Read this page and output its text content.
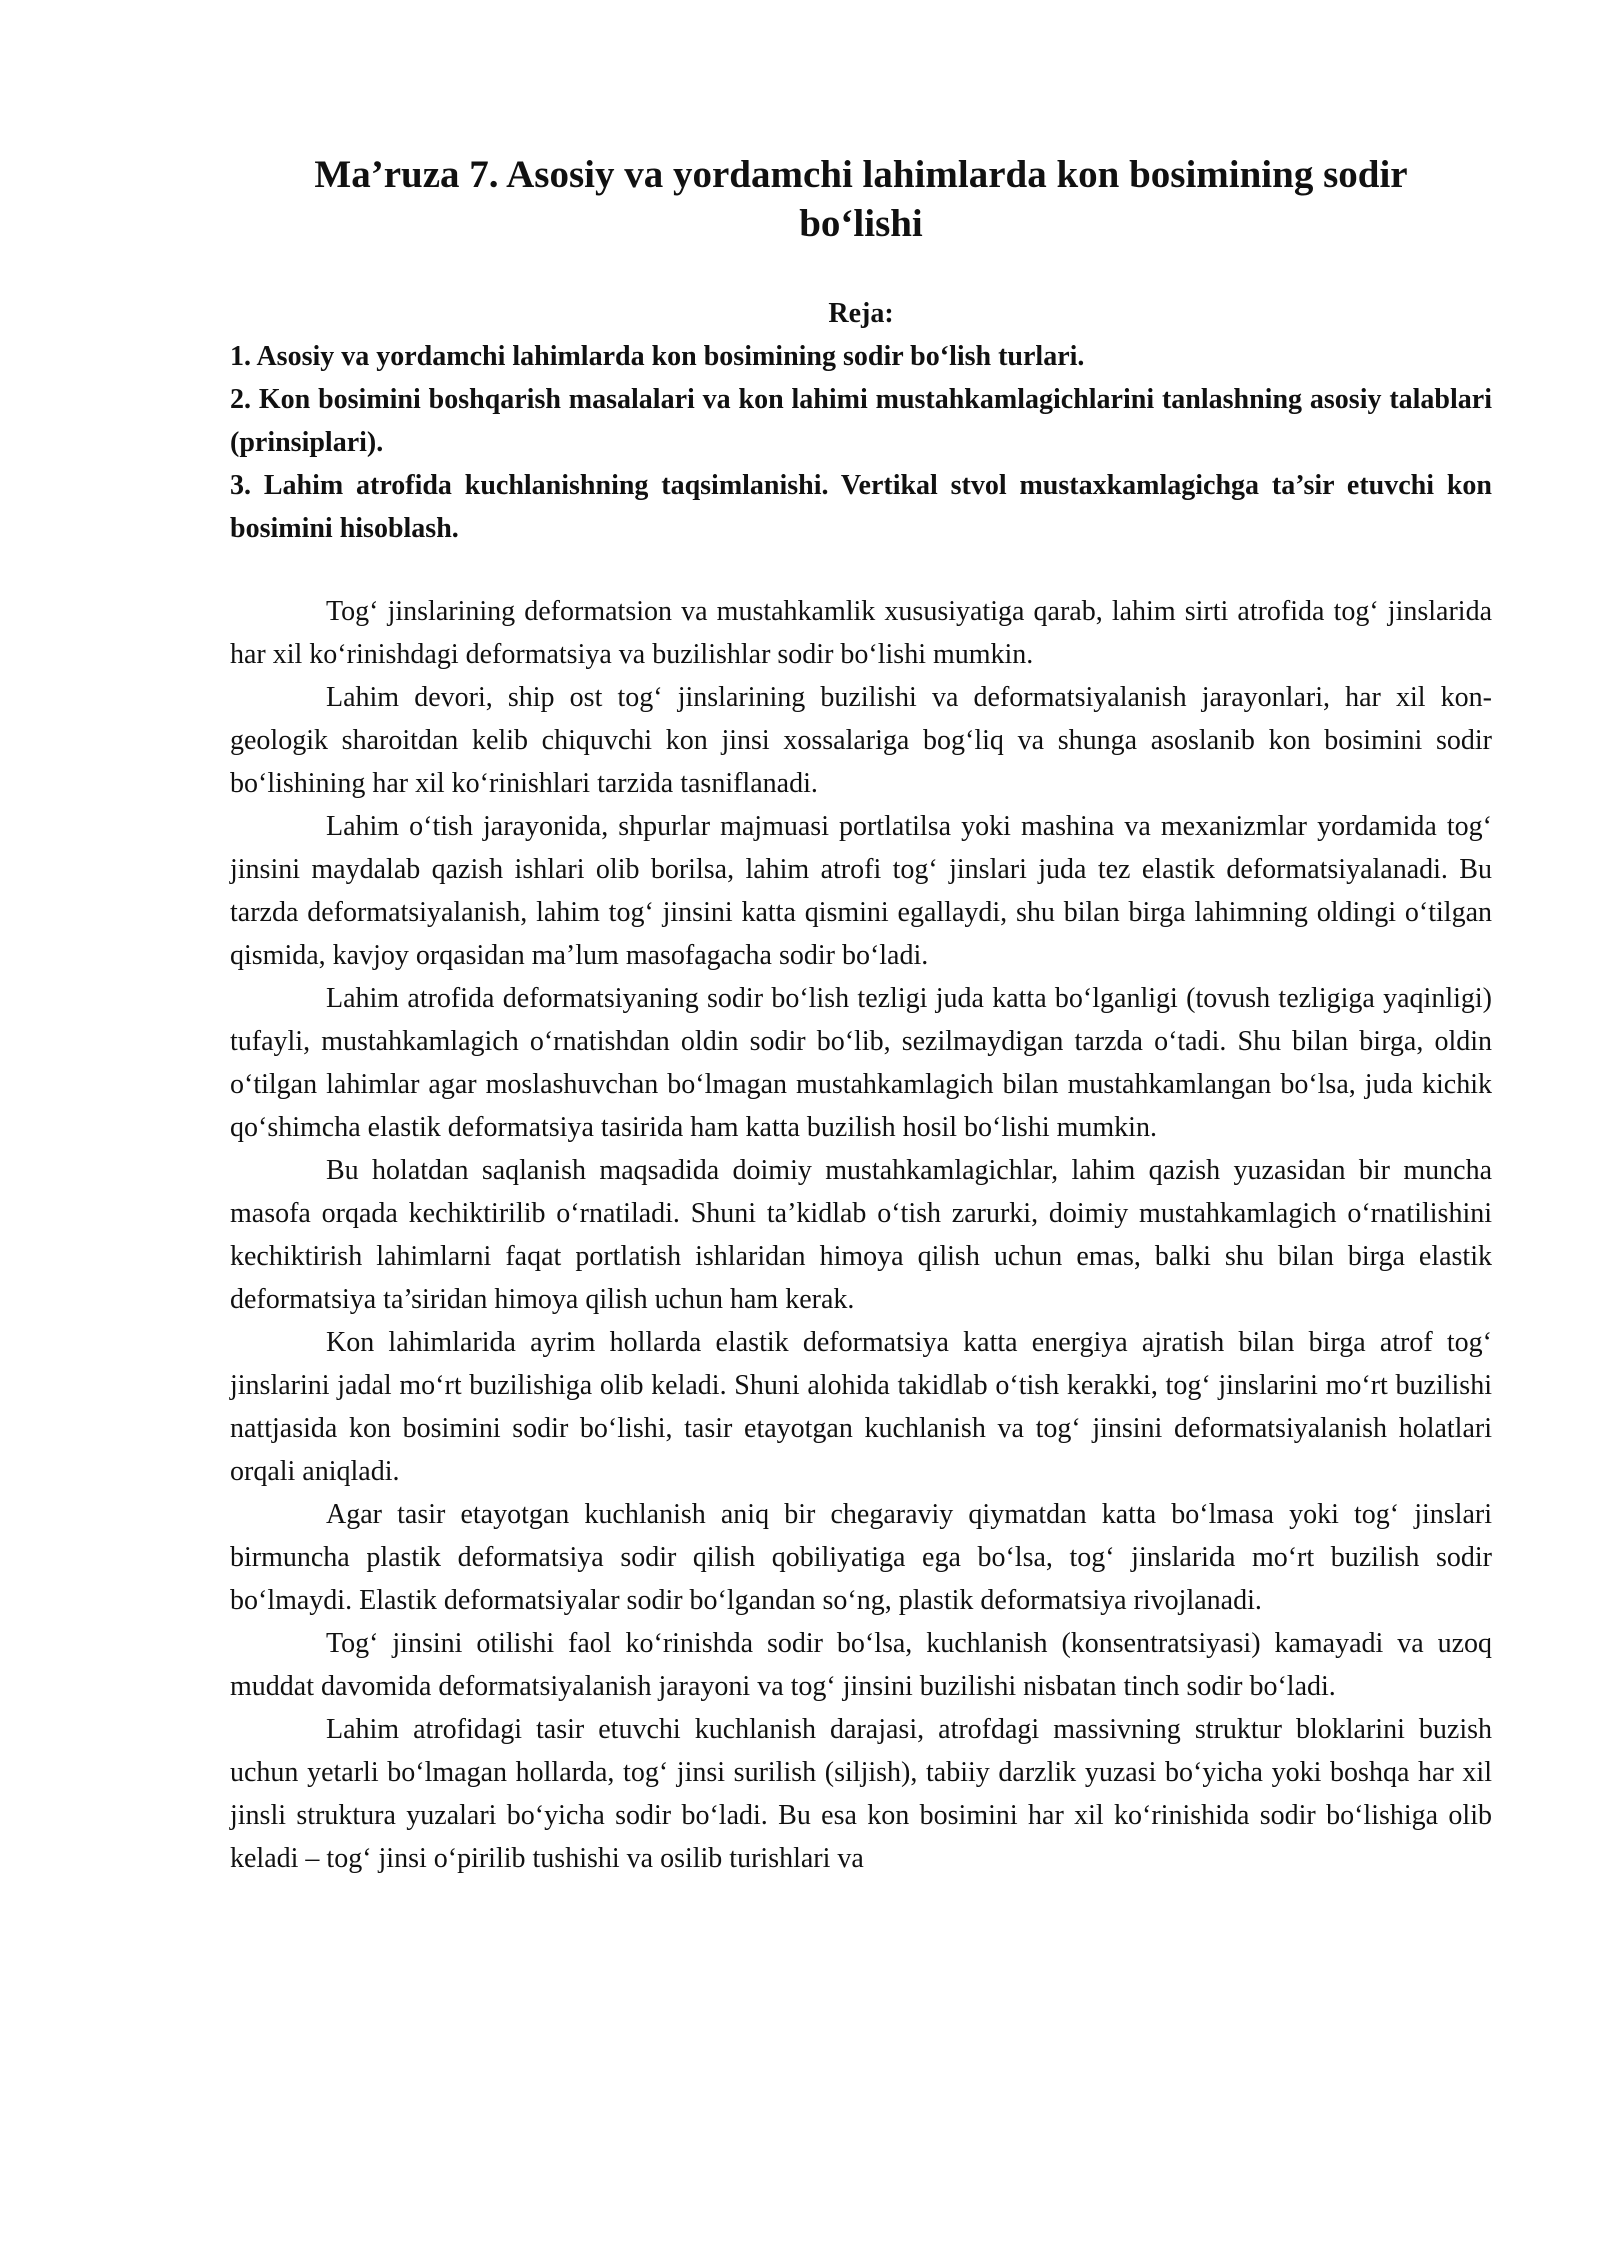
Ma’ruza 7. Asosiy va yordamchi lahimlarda kon bosimining sodir bo‘lishi
Reja:
1. Asosiy va yordamchi lahimlarda kon bosimining sodir bo‘lish turlari.
2. Kon bosimini boshqarish masalalari va kon lahimi mustahkamlagichlarini tanlashning asosiy talablari (prinsiplari).
3. Lahim atrofida kuchlanishning taqsimlanishi. Vertikal stvol mustaxkamlagichga ta’sir etuvchi kon bosimini hisoblash.

Tog‘ jinslarining deformatsion va mustahkamlik xususiyatiga qarab, lahim sirti atrofida tog‘ jinslarida har xil ko‘rinishdagi deformatsiya va buzilishlar sodir bo‘lishi mumkin.

Lahim devori, ship ost tog‘ jinslarining buzilishi va deformatsiyalanish jarayonlari, har xil kon-geologik sharoitdan kelib chiquvchi kon jinsi xossalariga bog‘liq va shunga asoslanib kon bosimini sodir bo‘lishining har xil ko‘rinishlari tarzida tasniflanadi.

Lahim o‘tish jarayonida, shpurlar majmuasi portlatilsa yoki mashina va mexanizmlar yordamida tog‘ jinsini maydalab qazish ishlari olib borilsa, lahim atrofi tog‘ jinslari juda tez elastik deformatsiyalanadi. Bu tarzda deformatsiyalanish, lahim tog‘ jinsini katta qismini egallaydi, shu bilan birga lahimning oldingi o‘tilgan qismida, kavjoy orqasidan ma’lum masofagacha sodir bo‘ladi.

Lahim atrofida deformatsiyaning sodir bo‘lish tezligi juda katta bo‘lganligi (tovush tezligiga yaqinligi) tufayli, mustahkamlagich o‘rnatishdan oldin sodir bo‘lib, sezilmaydigan tarzda o‘tadi. Shu bilan birga, oldin o‘tilgan lahimlar agar moslashuvchan bo‘lmagan mustahkamlagich bilan mustahkamlangan bo‘lsa, juda kichik qo‘shimcha elastik deformatsiya tasirida ham katta buzilish hosil bo‘lishi mumkin.

Bu holatdan saqlanish maqsadida doimiy mustahkamlagichlar, lahim qazish yuzasidan bir muncha masofa orqada kechiktirilib o‘rnatiladi. Shuni ta’kidlab o‘tish zarurki, doimiy mustahkamlagich o‘rnatilishini kechiktirish lahimlarni faqat portlatish ishlaridan himoya qilish uchun emas, balki shu bilan birga elastik deformatsiya ta’siridan himoya qilish uchun ham kerak.

Kon lahimlarida ayrim hollarda elastik deformatsiya katta energiya ajratish bilan birga atrof tog‘ jinslarini jadal mo‘rt buzilishiga olib keladi. Shuni alohida takidlab o‘tish kerakki, tog‘ jinslarini mo‘rt buzilishi nattjasida kon bosimini sodir bo‘lishi, tasir etayotgan kuchlanish va tog‘ jinsini deformatsiyalanish holatlari orqali aniqladi.

Agar tasir etayotgan kuchlanish aniq bir chegaraviy qiymatdan katta bo‘lmasa yoki tog‘ jinslari birmuncha plastik deformatsiya sodir qilish qobiliyatiga ega bo‘lsa, tog‘ jinslarida mo‘rt buzilish sodir bo‘lmaydi. Elastik deformatsiyalar sodir bo‘lgandan so‘ng, plastik deformatsiya rivojlanadi.

Tog‘ jinsini otilishi faol ko‘rinishda sodir bo‘lsa, kuchlanish (konsentratsiyasi) kamayadi va uzoq muddat davomida deformatsiyalanish jarayoni va tog‘ jinsini buzilishi nisbatan tinch sodir bo‘ladi.

Lahim atrofidagi tasir etuvchi kuchlanish darajasi, atrofdagi massivning struktur bloklarini buzish uchun yetarli bo‘lmagan hollarda, tog‘ jinsi surilish (siljish), tabiiy darzlik yuzasi bo‘yicha yoki boshqa har xil jinsli struktura yuzalari bo‘yicha sodir bo‘ladi. Bu esa kon bosimini har xil ko‘rinishida sodir bo‘lishiga olib keladi – tog‘ jinsi o‘pirilib tushishi va osilib turishlari va
